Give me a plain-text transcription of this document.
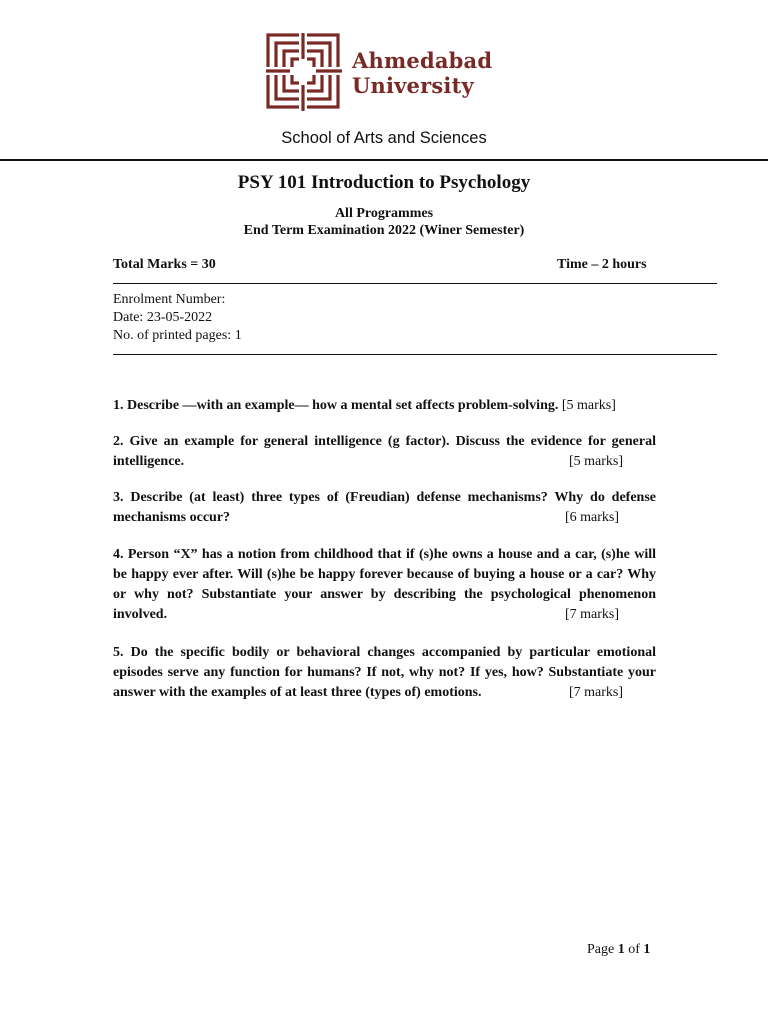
Ahmedabad
University
School of Arts and Sciences
PSY 101 Introduction to Psychology
All Programmes
End Term Examination 2022 (Winer Semester)
Total Marks = 30	Time – 2 hours
Enrolment Number:
Date: 23-05-2022
No. of printed pages: 1
1. Describe —with an example— how a mental set affects problem-solving. [5 marks]
2. Give an example for general intelligence (g factor). Discuss the evidence for general intelligence.	[5 marks]
3. Describe (at least) three types of (Freudian) defense mechanisms? Why do defense mechanisms occur?	[6 marks]
4. Person “X” has a notion from childhood that if (s)he owns a house and a car, (s)he will be happy ever after. Will (s)he be happy forever because of buying a house or a car? Why or why not? Substantiate your answer by describing the psychological phenomenon involved.	[7 marks]
5. Do the specific bodily or behavioral changes accompanied by particular emotional episodes serve any function for humans? If not, why not? If yes, how? Substantiate your answer with the examples of at least three (types of) emotions.	[7 marks]
Page 1 of 1
